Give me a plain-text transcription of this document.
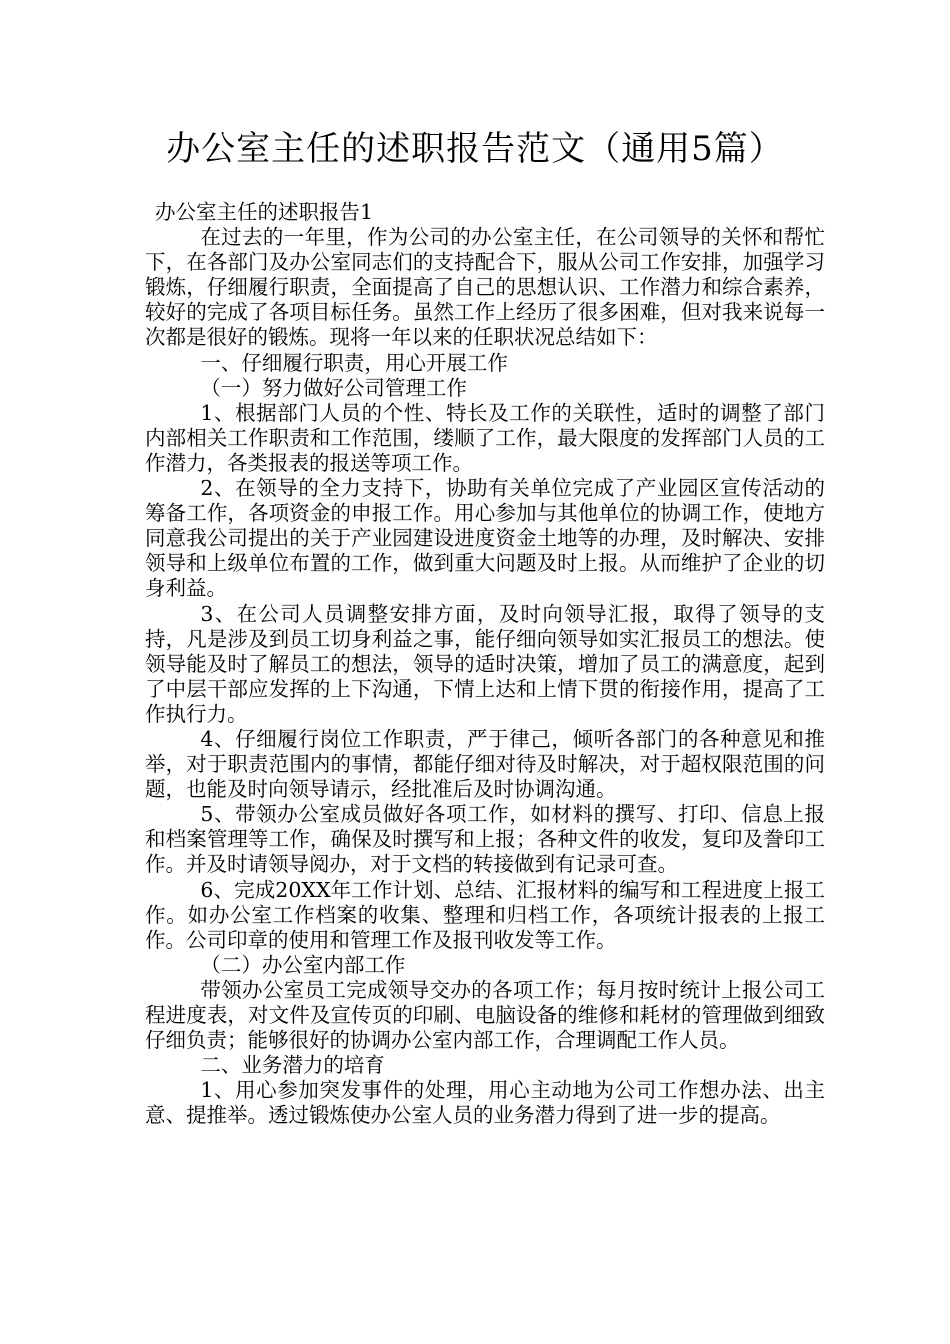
办公室主任的述职报告范文（通用5篇）

办公室主任的述职报告1

在过去的一年里，作为公司的办公室主任，在公司领导的关怀和帮忙下，在各部门及办公室同志们的支持配合下，服从公司工作安排，加强学习锻炼，仔细履行职责，全面提高了自己的思想认识、工作潜力和综合素养，较好的完成了各项目标任务。虽然工作上经历了很多困难，但对我来说每一次都是很好的锻炼。现将一年以来的任职状况总结如下：

一、仔细履行职责，用心开展工作

（一）努力做好公司管理工作

1、根据部门人员的个性、特长及工作的关联性，适时的调整了部门内部相关工作职责和工作范围，缕顺了工作，最大限度的发挥部门人员的工作潜力，各类报表的报送等项工作。

2、在领导的全力支持下，协助有关单位完成了产业园区宣传活动的筹备工作，各项资金的申报工作。用心参加与其他单位的协调工作，使地方同意我公司提出的关于产业园建设进度资金土地等的办理，及时解决、安排领导和上级单位布置的工作，做到重大问题及时上报。从而维护了企业的切身利益。

3、在公司人员调整安排方面，及时向领导汇报，取得了领导的支持，凡是涉及到员工切身利益之事，能仔细向领导如实汇报员工的想法。使领导能及时了解员工的想法，领导的适时决策，增加了员工的满意度，起到了中层干部应发挥的上下沟通，下情上达和上情下贯的衔接作用，提高了工作执行力。

4、仔细履行岗位工作职责，严于律己，倾听各部门的各种意见和推举，对于职责范围内的事情，都能仔细对待及时解决，对于超权限范围的问题，也能及时向领导请示，经批准后及时协调沟通。

5、带领办公室成员做好各项工作，如材料的撰写、打印、信息上报和档案管理等工作，确保及时撰写和上报；各种文件的收发，复印及誊印工作。并及时请领导阅办，对于文档的转接做到有记录可查。

6、完成20XX年工作计划、总结、汇报材料的编写和工程进度上报工作。如办公室工作档案的收集、整理和归档工作，各项统计报表的上报工作。公司印章的使用和管理工作及报刊收发等工作。

（二）办公室内部工作

带领办公室员工完成领导交办的各项工作；每月按时统计上报公司工程进度表，对文件及宣传页的印刷、电脑设备的维修和耗材的管理做到细致仔细负责；能够很好的协调办公室内部工作，合理调配工作人员。

二、业务潜力的培育

1、用心参加突发事件的处理，用心主动地为公司工作想办法、出主意、提推举。透过锻炼使办公室人员的业务潜力得到了进一步的提高。
